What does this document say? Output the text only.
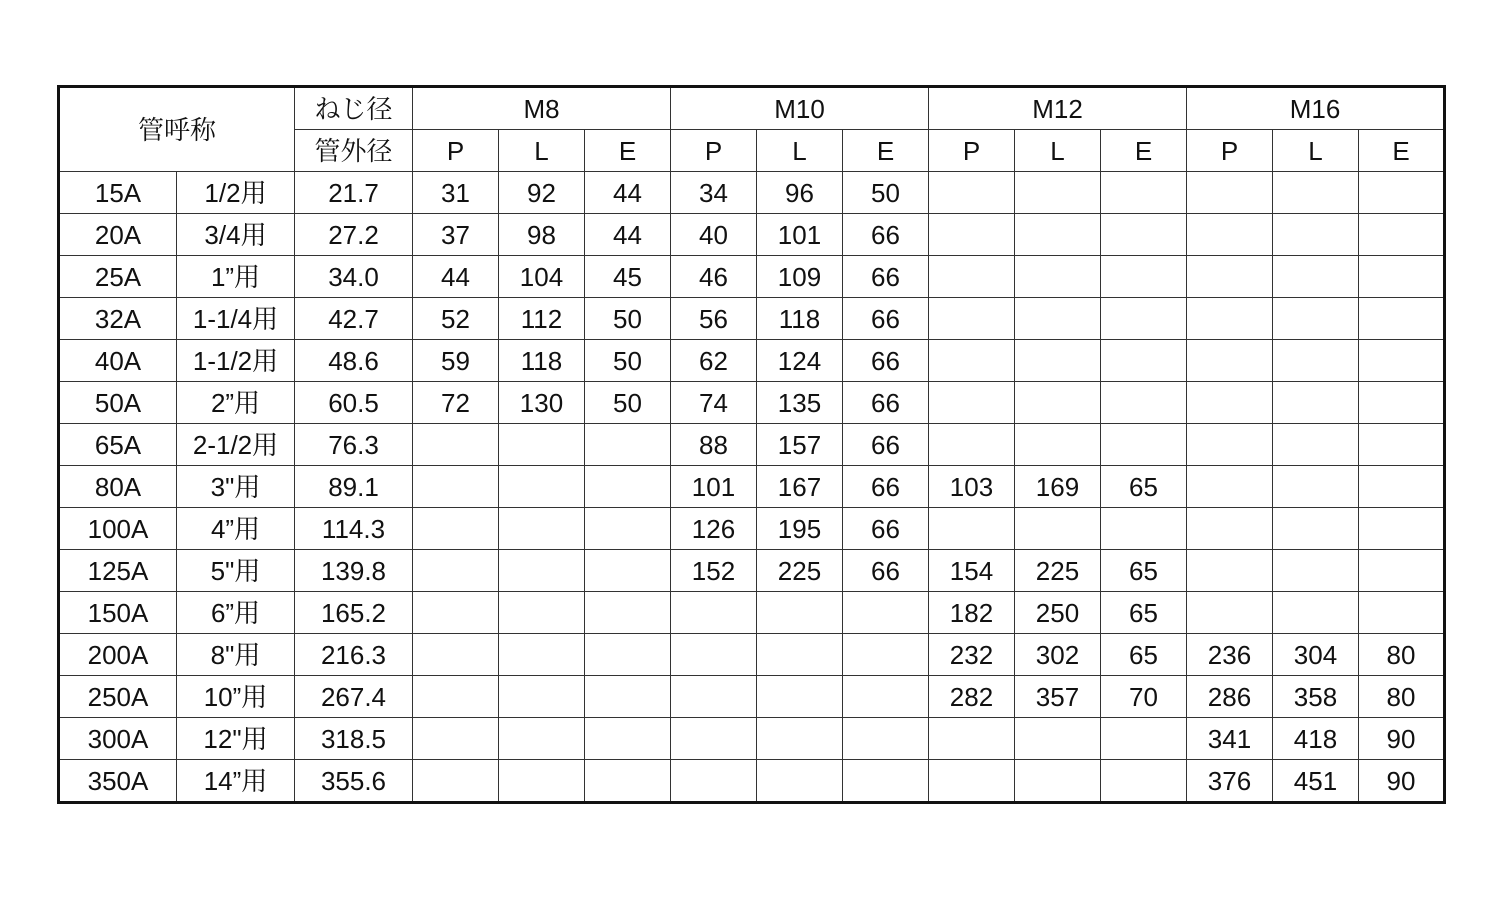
管呼称		ねじ径	M8			M10			M12			M16		
		管外径	P	L	E	P	L	E	P	L	E	P	L	E
15A	1/2用	21.7	31	92	44	34	96	50						
20A	3/4用	27.2	37	98	44	40	101	66						
25A	1”用	34.0	44	104	45	46	109	66						
32A	1-1/4用	42.7	52	112	50	56	118	66						
40A	1-1/2用	48.6	59	118	50	62	124	66						
50A	2”用	60.5	72	130	50	74	135	66						
65A	2-1/2用	76.3				88	157	66						
80A	3"用	89.1				101	167	66	103	169	65			
100A	4”用	114.3				126	195	66						
125A	5"用	139.8				152	225	66	154	225	65			
150A	6”用	165.2							182	250	65			
200A	8"用	216.3							232	302	65	236	304	80
250A	10”用	267.4							282	357	70	286	358	80
300A	12"用	318.5										341	418	90
350A	14”用	355.6										376	451	90
